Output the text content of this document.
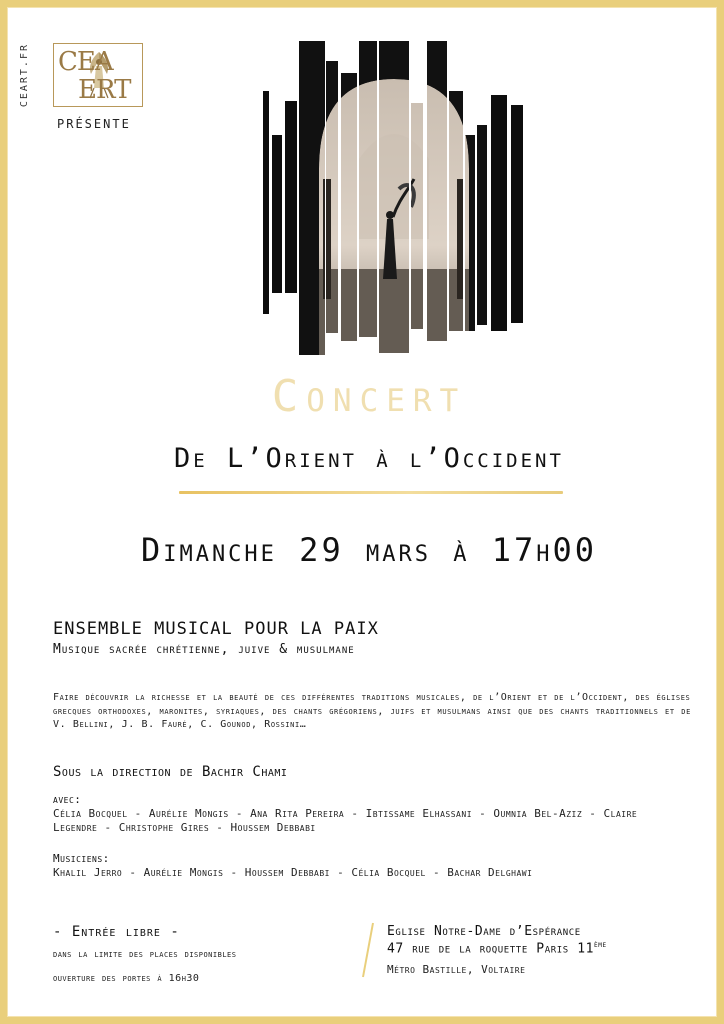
CEART.FR CEA
ERT
PRÉSENTE
Concert
De L’Orient à l’Occident
Dimanche 29 mars à 17h00
ENSEMBLE MUSICAL POUR LA PAIX
Musique sacrée chrétienne, juive & musulmane
Faire découvrir la richesse et la beauté de ces différentes traditions musicales, de l’Orient et de l’Occident, des églises grecques orthodoxes, maronites, syriaques, des chants grégoriens, juifs et musulmans ainsi que des chants traditionnels et de V. Bellini, J. B. Fauré, C. Gounod, Rossini…
Sous la direction de Bachir Chami
avec:
Célia Bocquel - Aurélie Mongis - Ana Rita Pereira - Ibtissame Elhassani - Oumnia Bel-Aziz - Claire Legendre - Christophe Gires - Houssem Debbabi
Musiciens:
Khalil Jerro - Aurélie Mongis - Houssem Debbabi - Célia Bocquel - Bachar Delghawi
- Entrée libre -
dans la limite des places disponibles
ouverture des portes à 16h30
Eglise Notre-Dame d’Espérance
47 rue de la roquette Paris 11ème
Métro Bastille, Voltaire
